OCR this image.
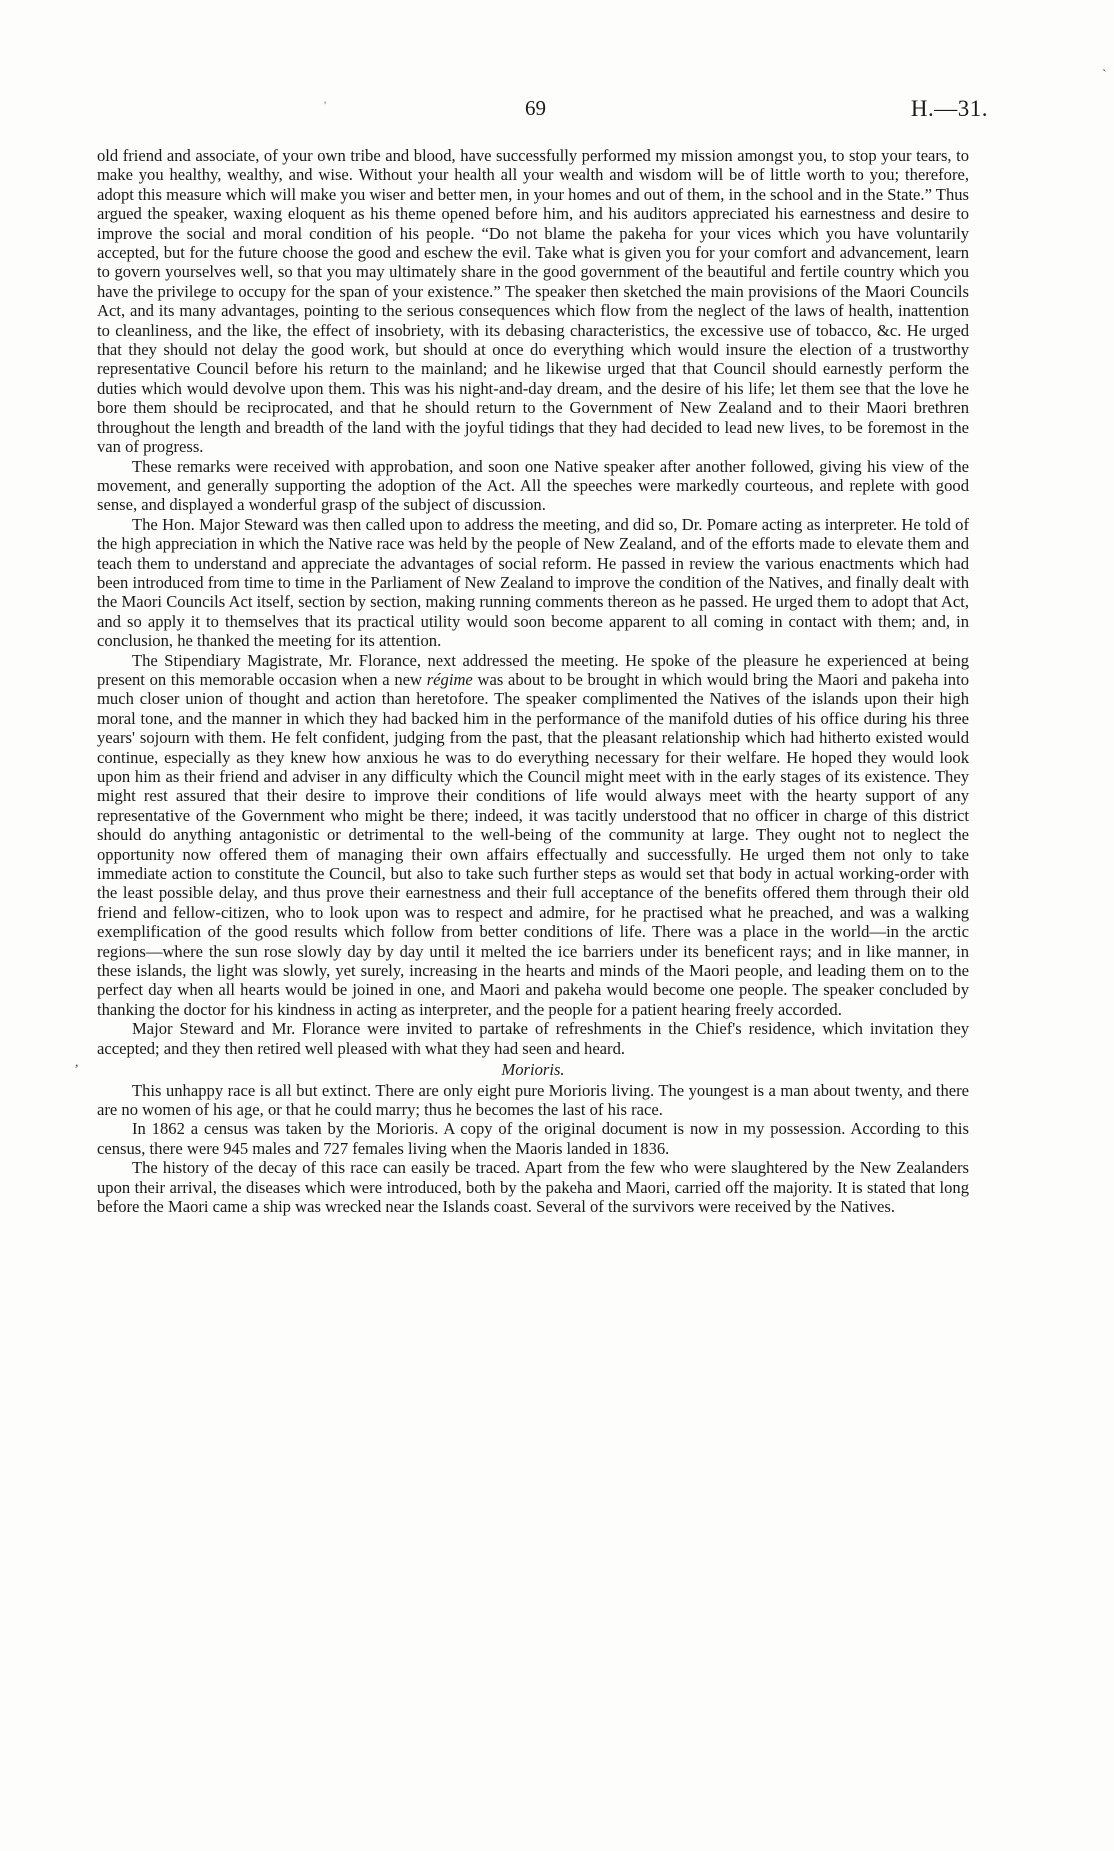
`
'	69	H.—31.
,

old friend and associate, of your own tribe and blood, have successfully performed my mission amongst you, to stop your tears, to make you healthy, wealthy, and wise. Without your health all your wealth and wisdom will be of little worth to you; therefore, adopt this measure which will make you wiser and better men, in your homes and out of them, in the school and in the State.” Thus argued the speaker, waxing eloquent as his theme opened before him, and his auditors appreciated his earnestness and desire to improve the social and moral condition of his people. “Do not blame the pakeha for your vices which you have voluntarily accepted, but for the future choose the good and eschew the evil. Take what is given you for your comfort and advancement, learn to govern yourselves well, so that you may ultimately share in the good government of the beautiful and fertile country which you have the privilege to occupy for the span of your existence.” The speaker then sketched the main provisions of the Maori Councils Act, and its many advantages, pointing to the serious consequences which flow from the neglect of the laws of health, inattention to cleanliness, and the like, the effect of insobriety, with its debasing characteristics, the excessive use of tobacco, &c. He urged that they should not delay the good work, but should at once do everything which would insure the election of a trustworthy representative Council before his return to the mainland; and he likewise urged that that Council should earnestly perform the duties which would devolve upon them. This was his night-and-day dream, and the desire of his life; let them see that the love he bore them should be reciprocated, and that he should return to the Government of New Zealand and to their Maori brethren throughout the length and breadth of the land with the joyful tidings that they had decided to lead new lives, to be foremost in the van of progress.

These remarks were received with approbation, and soon one Native speaker after another followed, giving his view of the movement, and generally supporting the adoption of the Act. All the speeches were markedly courteous, and replete with good sense, and displayed a wonderful grasp of the subject of discussion.

The Hon. Major Steward was then called upon to address the meeting, and did so, Dr. Pomare acting as interpreter. He told of the high appreciation in which the Native race was held by the people of New Zealand, and of the efforts made to elevate them and teach them to understand and appreciate the advantages of social reform. He passed in review the various enactments which had been introduced from time to time in the Parliament of New Zealand to improve the condition of the Natives, and finally dealt with the Maori Councils Act itself, section by section, making running comments thereon as he passed. He urged them to adopt that Act, and so apply it to themselves that its practical utility would soon become apparent to all coming in contact with them; and, in conclusion, he thanked the meeting for its attention.

The Stipendiary Magistrate, Mr. Florance, next addressed the meeting. He spoke of the pleasure he experienced at being present on this memorable occasion when a new régime was about to be brought in which would bring the Maori and pakeha into much closer union of thought and action than heretofore. The speaker complimented the Natives of the islands upon their high moral tone, and the manner in which they had backed him in the performance of the manifold duties of his office during his three years' sojourn with them. He felt confident, judging from the past, that the pleasant relationship which had hitherto existed would continue, especially as they knew how anxious he was to do everything necessary for their welfare. He hoped they would look upon him as their friend and adviser in any difficulty which the Council might meet with in the early stages of its existence. They might rest assured that their desire to improve their conditions of life would always meet with the hearty support of any representative of the Government who might be there; indeed, it was tacitly understood that no officer in charge of this district should do anything antagonistic or detrimental to the well-being of the community at large. They ought not to neglect the opportunity now offered them of managing their own affairs effectually and successfully. He urged them not only to take immediate action to constitute the Council, but also to take such further steps as would set that body in actual working-order with the least possible delay, and thus prove their earnestness and their full acceptance of the benefits offered them through their old friend and fellow-citizen, who to look upon was to respect and admire, for he practised what he preached, and was a walking exemplification of the good results which follow from better conditions of life. There was a place in the world—in the arctic regions—where the sun rose slowly day by day until it melted the ice barriers under its beneficent rays; and in like manner, in these islands, the light was slowly, yet surely, increasing in the hearts and minds of the Maori people, and leading them on to the perfect day when all hearts would be joined in one, and Maori and pakeha would become one people. The speaker concluded by thanking the doctor for his kindness in acting as interpreter, and the people for a patient hearing freely accorded.

Major Steward and Mr. Florance were invited to partake of refreshments in the Chief's residence, which invitation they accepted; and they then retired well pleased with what they had seen and heard.

Morioris.

This unhappy race is all but extinct. There are only eight pure Morioris living. The youngest is a man about twenty, and there are no women of his age, or that he could marry; thus he becomes the last of his race.

In 1862 a census was taken by the Morioris. A copy of the original document is now in my possession. According to this census, there were 945 males and 727 females living when the Maoris landed in 1836.

The history of the decay of this race can easily be traced. Apart from the few who were slaughtered by the New Zealanders upon their arrival, the diseases which were introduced, both by the pakeha and Maori, carried off the majority. It is stated that long before the Maori came a ship was wrecked near the Islands coast. Several of the survivors were received by the Natives.
